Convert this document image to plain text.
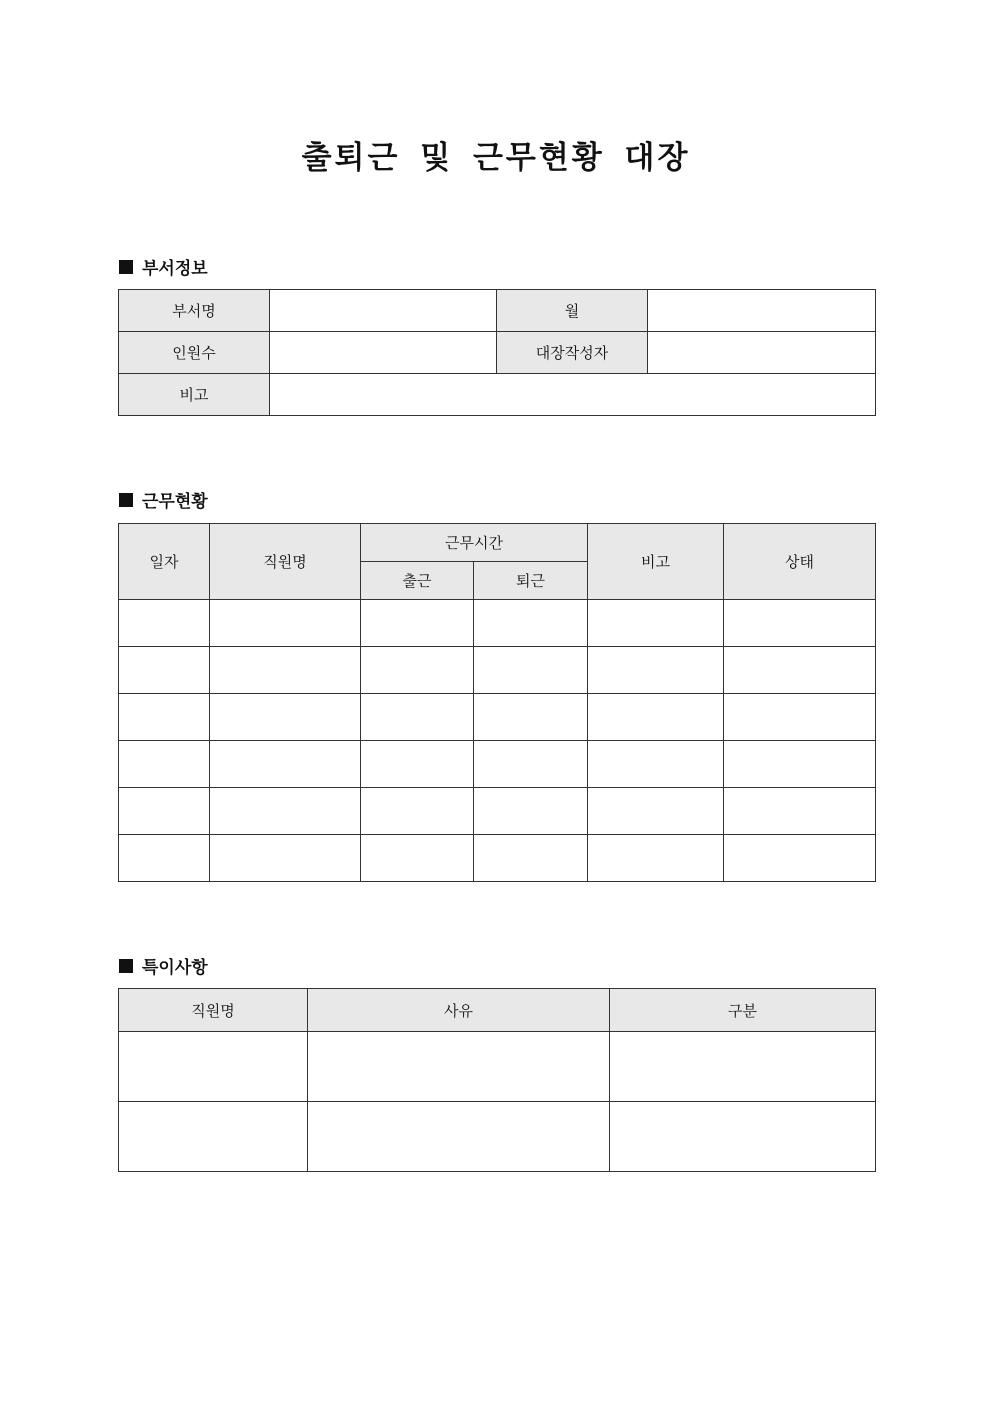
출퇴근 및 근무현황 대장
부서정보
부서명		월	
인원수		대장작성자	
비고			
근무현황
일자	직원명	근무시간		비고	상태
		출근	퇴근		

특이사항
직원명	사유	구분
